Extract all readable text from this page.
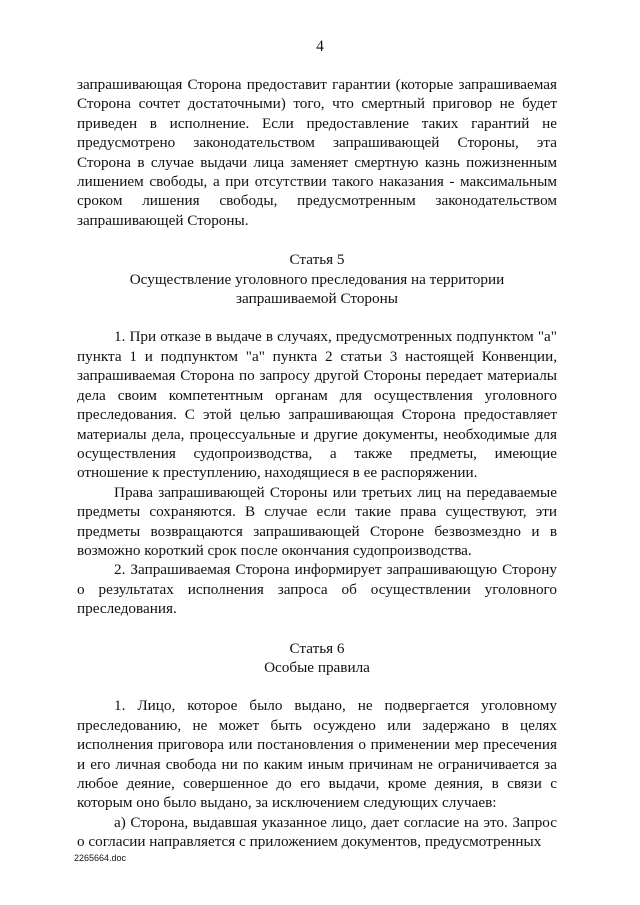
4

запрашивающая Сторона предоставит гарантии (которые запрашиваемая Сторона сочтет достаточными) того, что смертный приговор не будет приведен в исполнение. Если предоставление таких гарантий не предусмотрено законодательством запрашивающей Стороны, эта Сторона в случае выдачи лица заменяет смертную казнь пожизненным лишением свободы, а при отсутствии такого наказания - максимальным сроком лишения свободы, предусмотренным законодательством запрашивающей Стороны.

Статья 5

Осуществление уголовного преследования на территории

запрашиваемой Стороны

1. При отказе в выдаче в случаях, предусмотренных подпунктом "а" пункта 1 и подпунктом "а" пункта 2 статьи 3 настоящей Конвенции, запрашиваемая Сторона по запросу другой Стороны передает материалы дела своим компетентным органам для осуществления уголовного преследования. С этой целью запрашивающая Сторона предоставляет материалы дела, процессуальные и другие документы, необходимые для осуществления судопроизводства, а также предметы, имеющие отношение к преступлению, находящиеся в ее распоряжении.

Права запрашивающей Стороны или третьих лиц на передаваемые предметы сохраняются. В случае если такие права существуют, эти предметы возвращаются запрашивающей Стороне безвозмездно и в возможно короткий срок после окончания судопроизводства.

2. Запрашиваемая Сторона информирует запрашивающую Сторону о результатах исполнения запроса об осуществлении уголовного преследования.

Статья 6

Особые правила

1. Лицо, которое было выдано, не подвергается уголовному преследованию, не может быть осуждено или задержано в целях исполнения приговора или постановления о применении мер пресечения и его личная свобода ни по каким иным причинам не ограничивается за любое деяние, совершенное до его выдачи, кроме деяния, в связи с которым оно было выдано, за исключением следующих случаев:

а) Сторона, выдавшая указанное лицо, дает согласие на это. Запрос о согласии направляется с приложением документов, предусмотренных

2265664.doc
